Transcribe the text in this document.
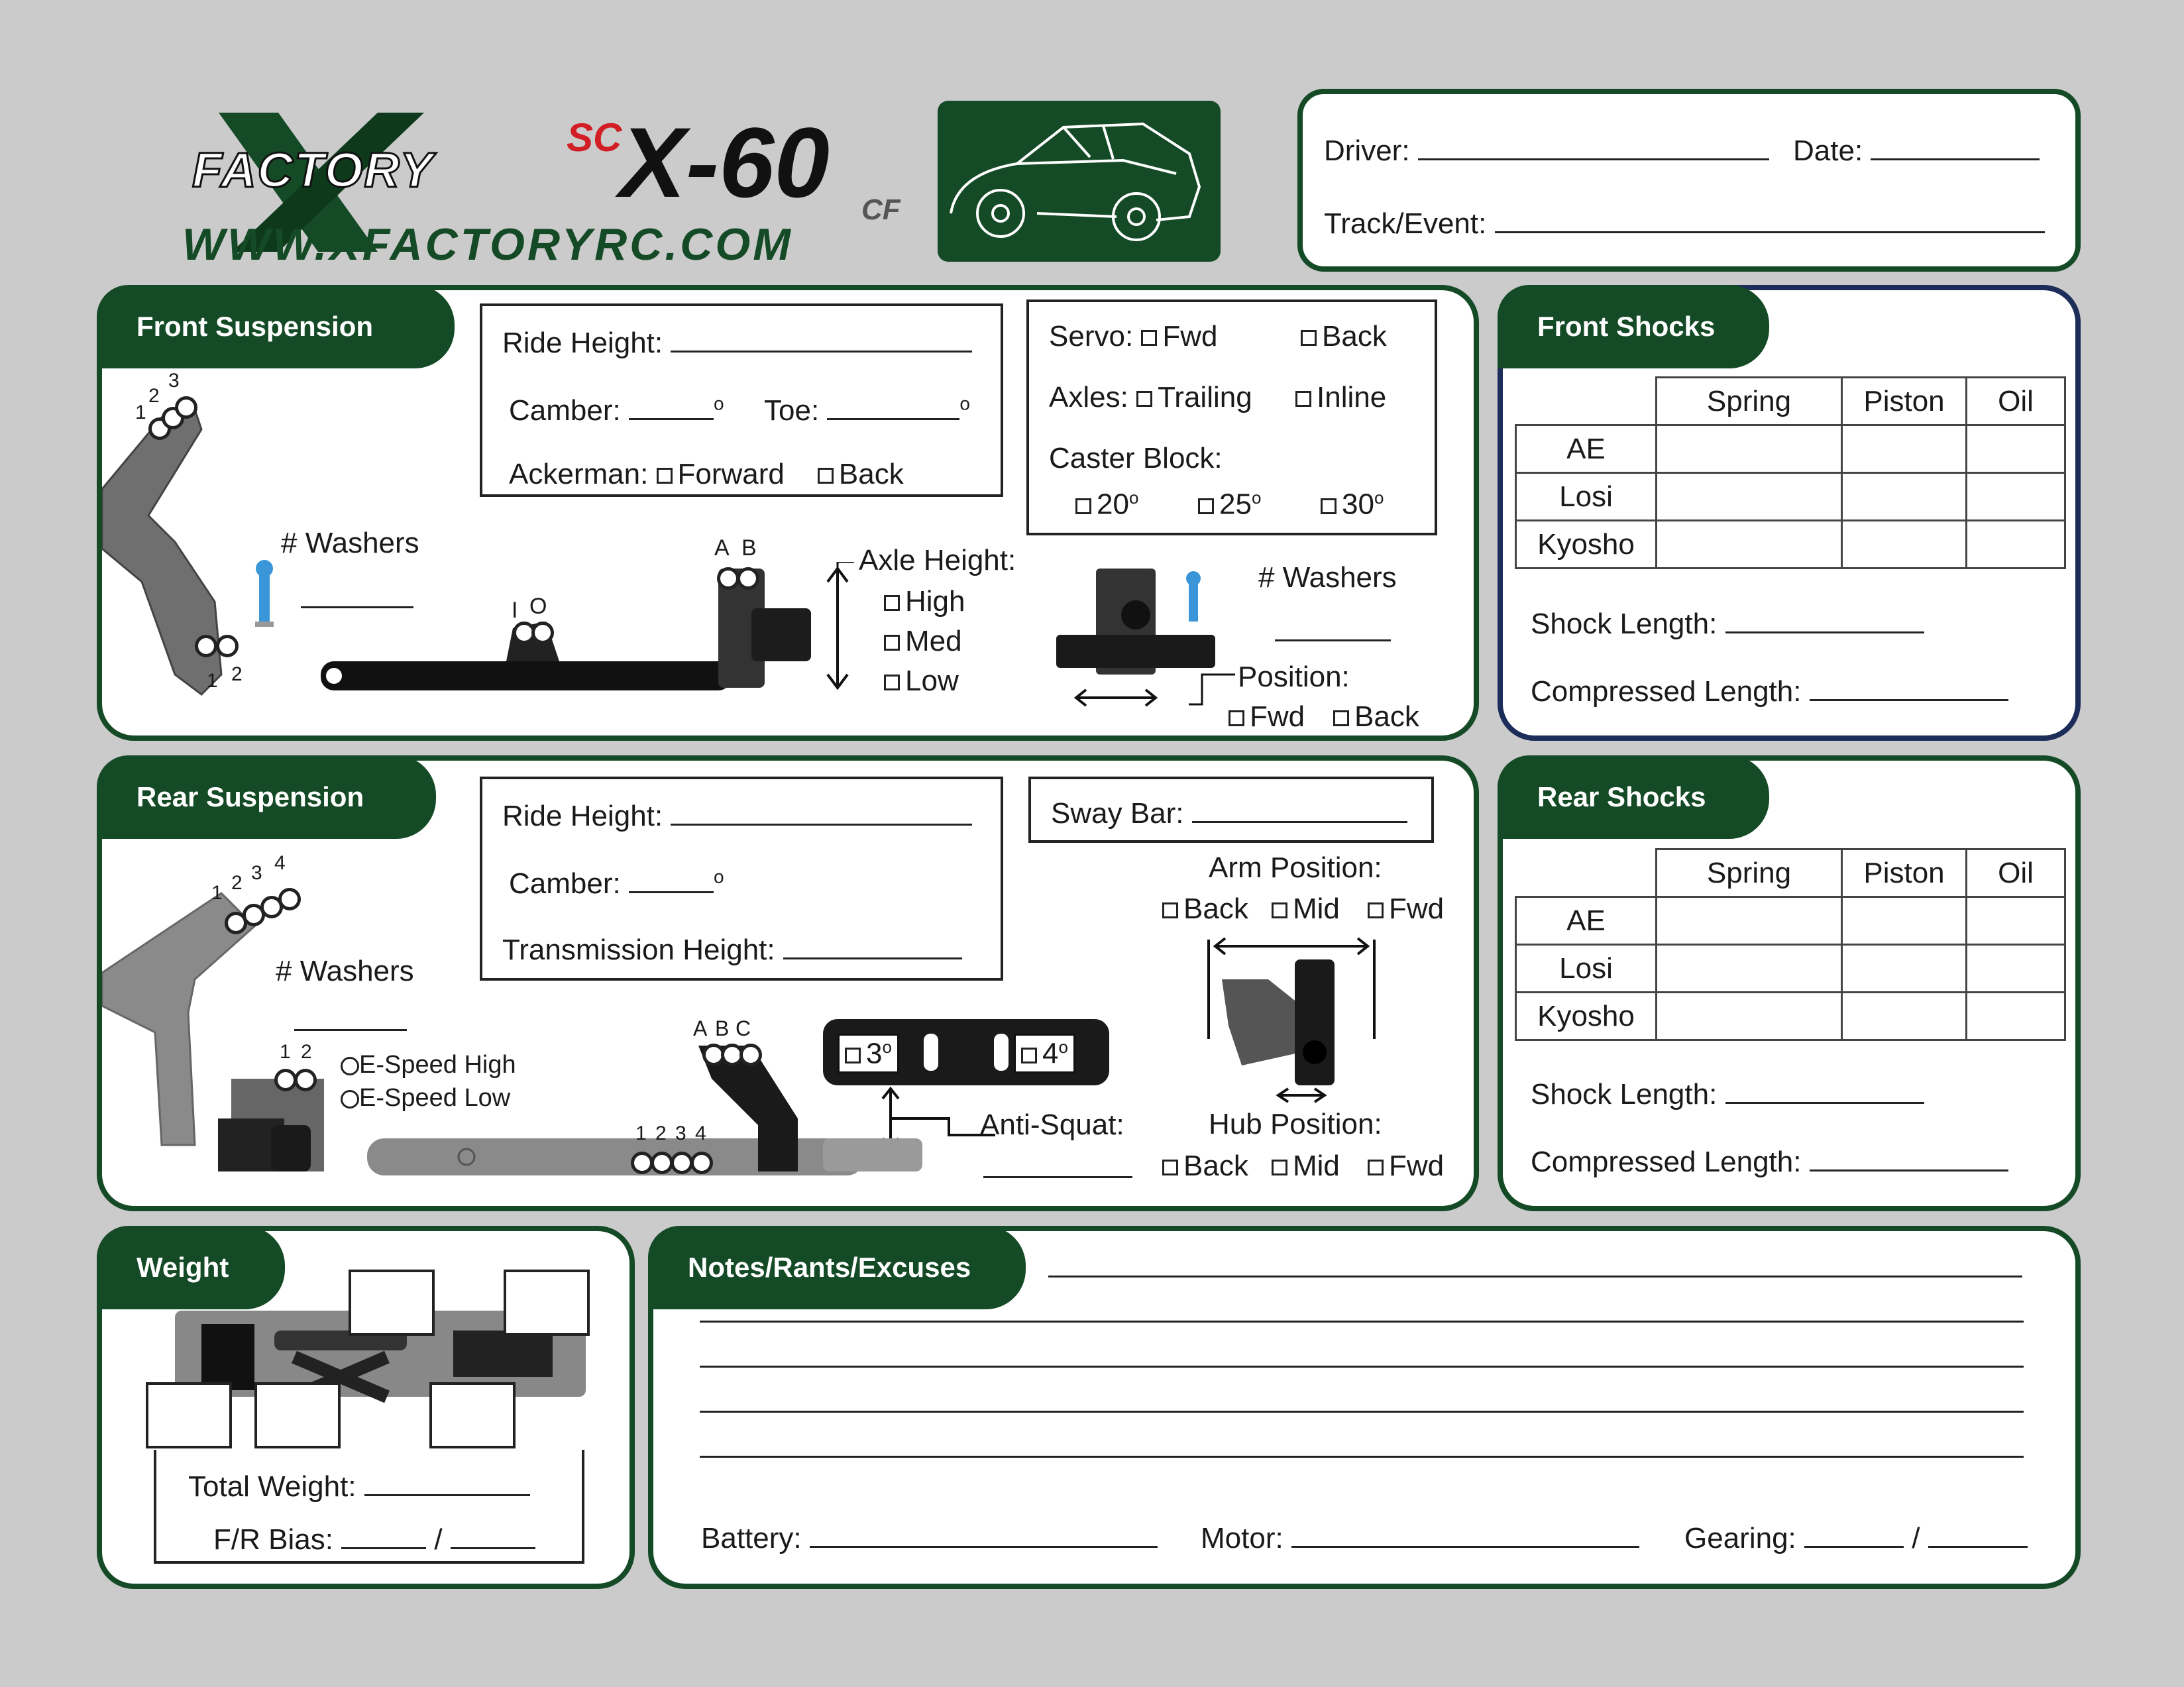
FACTORY
SC
X-60 CF
WWW.XFACTORYRC.COM
Driver:	Date:
Track/Event:
Front Suspension
Ride Height:
Camber:	$^o$ Toe:	$^o$
Ackerman: Forward Back
Servo: Fwd	Back
Axles: Trailing	Inline
Caster Block:
20$^o$	25$^o$	30$^o$
1
2
3
1 2
# Washers
I O
A B	Axle Height:
High
Med
Low
# Washers
Position:
Fwd	Back
Front Shocks
	Spring	Piston	Oil
AE			
Losi			
Kyosho			
Shock Length:
Compressed Length:
Rear Suspension
Ride Height:
Camber:	$^o$
Transmission Height:
Sway Bar:
Arm Position:
Back	Mid	Fwd
Hub Position:
Back	Mid	Fwd
1 2 3 4
# Washers
1 2	E-Speed High
E-Speed Low
1 2 3 4
A B C
3$^o$	4$^o$
Anti-Squat:
Rear Shocks
	Spring	Piston	Oil
AE			
Losi			
Kyosho			
Shock Length:
Compressed Length:
Weight
Total Weight:
F/R Bias:	/
Notes/Rants/Excuses
Battery:	Motor:	Gearing:	/
